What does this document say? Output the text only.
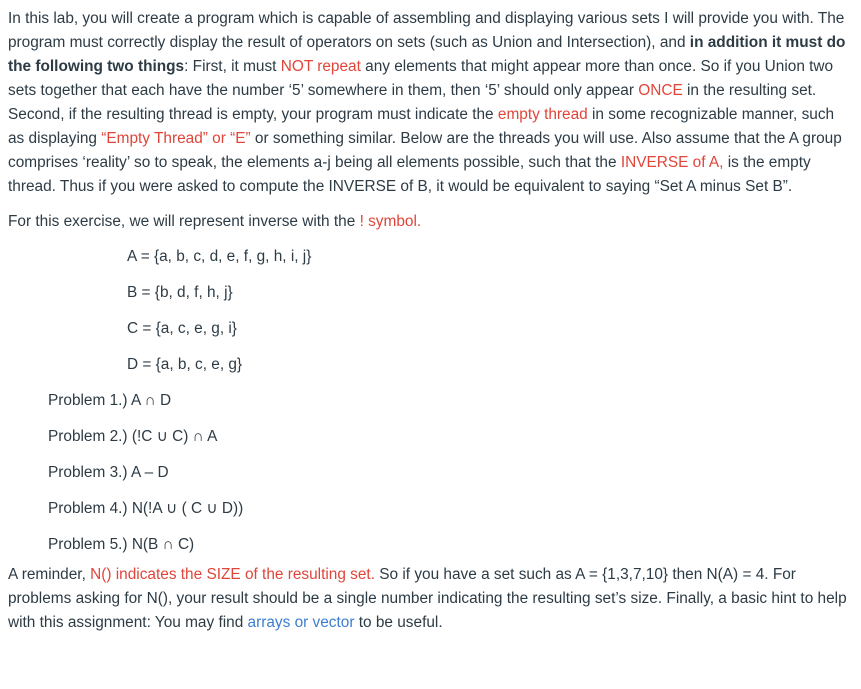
In this lab, you will create a program which is capable of assembling and displaying various sets I will provide you with. The program must correctly display the result of operators on sets (such as Union and Intersection), and in addition it must do the following two things: First, it must NOT repeat any elements that might appear more than once. So if you Union two sets together that each have the number ‘5’ somewhere in them, then ‘5’ should only appear ONCE in the resulting set. Second, if the resulting thread is empty, your program must indicate the empty thread in some recognizable manner, such as displaying “Empty Thread” or “E” or something similar. Below are the threads you will use. Also assume that the A group comprises ‘reality’ so to speak, the elements a-j being all elements possible, such that the INVERSE of A, is the empty thread. Thus if you were asked to compute the INVERSE of B, it would be equivalent to saying “Set A minus Set B”.

For this exercise, we will represent inverse with the ! symbol.

A = {a, b, c, d, e, f, g, h, i, j}
B = {b, d, f, h, j}
C = {a, c, e, g, i}
D = {a, b, c, e, g}
Problem 1.) A ∩ D
Problem 2.) (!C ∪ C) ∩ A
Problem 3.) A – D
Problem 4.) N(!A ∪ ( C ∪ D))
Problem 5.) N(B ∩ C)

A reminder, N() indicates the SIZE of the resulting set. So if you have a set such as A = {1,3,7,10} then N(A) = 4. For problems asking for N(), your result should be a single number indicating the resulting set’s size. Finally, a basic hint to help with this assignment: You may find arrays or vector to be useful.
